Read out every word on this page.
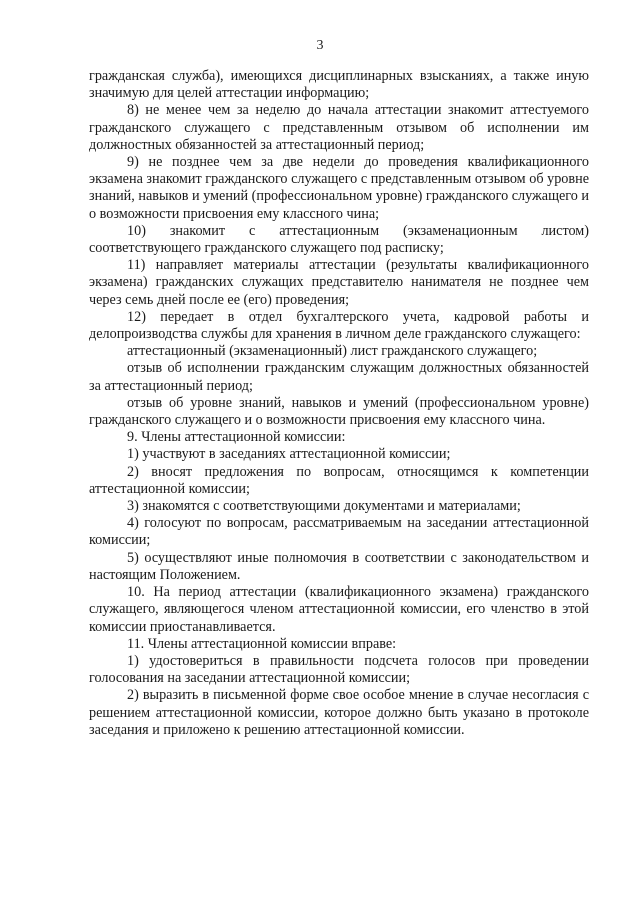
3

гражданская служба), имеющихся дисциплинарных взысканиях, а также иную значимую для целей аттестации информацию;

8) не менее чем за неделю до начала аттестации знакомит аттестуемого гражданского служащего с представленным отзывом об исполнении им должностных обязанностей за аттестационный период;

9) не позднее чем за две недели до проведения квалификационного экзамена знакомит гражданского служащего с представленным отзывом об уровне знаний, навыков и умений (профессиональном уровне) гражданского служащего и о возможности присвоения ему классного чина;

10) знакомит с аттестационным (экзаменационным листом) соответствующего гражданского служащего под расписку;

11) направляет материалы аттестации (результаты квалификационного экзамена) гражданских служащих представителю нанимателя не позднее чем через семь дней после ее (его) проведения;

12) передает в отдел бухгалтерского учета, кадровой работы и делопроизводства службы для хранения в личном деле гражданского служащего:

аттестационный (экзаменационный) лист гражданского служащего;

отзыв об исполнении гражданским служащим должностных обязанностей за аттестационный период;

отзыв об уровне знаний, навыков и умений (профессиональном уровне) гражданского служащего и о возможности присвоения ему классного чина.

9. Члены аттестационной комиссии:

1) участвуют в заседаниях аттестационной комиссии;

2) вносят предложения по вопросам, относящимся к компетенции аттестационной комиссии;

3) знакомятся с соответствующими документами и материалами;

4) голосуют по вопросам, рассматриваемым на заседании аттестационной комиссии;

5) осуществляют иные полномочия в соответствии с законодательством и настоящим Положением.

10. На период аттестации (квалификационного экзамена) гражданского служащего, являющегося членом аттестационной комиссии, его членство в этой комиссии приостанавливается.

11. Члены аттестационной комиссии вправе:

1) удостовериться в правильности подсчета голосов при проведении голосования на заседании аттестационной комиссии;

2) выразить в письменной форме свое особое мнение в случае несогласия с решением аттестационной комиссии, которое должно быть указано в протоколе заседания и приложено к решению аттестационной комиссии.
